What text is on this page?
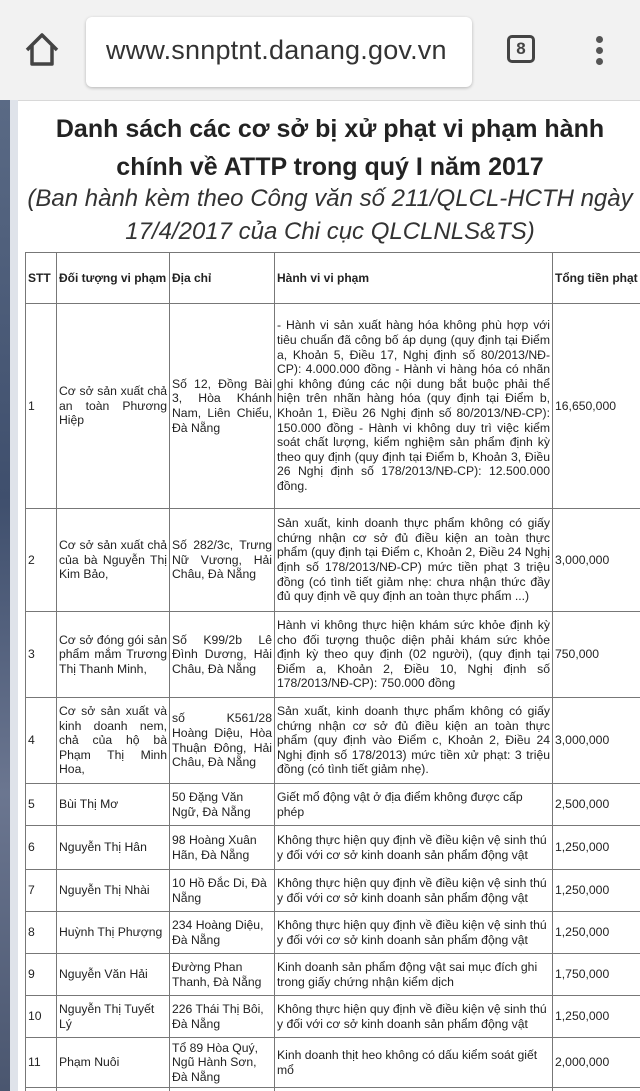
www.snnptnt.danang.gov.vn	8
Danh sách các cơ sở bị xử phạt vi phạm hành chính về ATTP trong quý I năm 2017
(Ban hành kèm theo Công văn số 211/QLCL-HCTH ngày 17/4/2017 của Chi cục QLCLNLS&TS)
STT	Đối tượng vi phạm	Địa chỉ	Hành vi vi phạm	Tổng tiền phạt
1	Cơ sở sản xuất chả an toàn Phương Hiệp	Số 12, Đồng Bài 3, Hòa Khánh Nam, Liên Chiểu, Đà Nẵng	- Hành vi sản xuất hàng hóa không phù hợp với tiêu chuẩn đã công bố áp dụng (quy định tại Điểm a, Khoản 5, Điều 17, Nghị định số 80/2013/NĐ-CP): 4.000.000 đồng - Hành vi hàng hóa có nhãn ghi không đúng các nội dung bắt buộc phải thể hiện trên nhãn hàng hóa (quy định tại Điểm b, Khoản 1, Điều 26 Nghị định số 80/2013/NĐ-CP): 150.000 đồng - Hành vi không duy trì việc kiểm soát chất lượng, kiểm nghiệm sản phẩm định kỳ theo quy định (quy định tại Điểm b, Khoản 3, Điều 26 Nghị định số 178/2013/NĐ-CP): 12.500.000 đồng.	16,650,000
2	Cơ sở sản xuất chả của bà Nguyễn Thị Kim Bảo,	Số 282/3c, Trưng Nữ Vương, Hải Châu, Đà Nẵng	Sản xuất, kinh doanh thực phẩm không có giấy chứng nhận cơ sở đủ điều kiện an toàn thực phẩm (quy định tại Điểm c, Khoản 2, Điều 24 Nghị định số 178/2013/NĐ-CP) mức tiền phạt 3 triệu đồng (có tình tiết giảm nhẹ: chưa nhận thức đầy đủ quy định về quy định an toàn thực phẩm ...)	3,000,000
3	Cơ sở đóng gói sản phẩm mắm Trương Thị Thanh Minh,	Số K99/2b Lê Đình Dương, Hải Châu, Đà Nẵng	Hành vi không thực hiện khám sức khỏe định kỳ cho đối tượng thuộc diện phải khám sức khỏe định kỳ theo quy định (02 người), (quy định tại Điểm a, Khoản 2, Điều 10, Nghị định số 178/2013/NĐ-CP): 750.000 đồng	750,000
4	Cơ sở sản xuất và kinh doanh nem, chả của hộ bà Phạm Thị Minh Hoa,	số K561/28 Hoàng Diệu, Hòa Thuận Đông, Hải Châu, Đà Nẵng	Sản xuất, kinh doanh thực phẩm không có giấy chứng nhận cơ sở đủ điều kiện an toàn thực phẩm (quy định vào Điểm c, Khoản 2, Điều 24 Nghị định số 178/2013) mức tiền xử phạt: 3 triệu đồng (có tình tiết giảm nhẹ).	3,000,000
5	Bùi Thị Mơ	50 Đặng Văn Ngữ, Đà Nẵng	Giết mổ động vật ở địa điểm không được cấp phép	2,500,000
6	Nguyễn Thị Hân	98 Hoàng Xuân Hãn, Đà Nẵng	Không thực hiện quy định về điều kiện vệ sinh thú y đối với cơ sở kinh doanh sản phẩm động vật	1,250,000
7	Nguyễn Thị Nhài	10 Hồ Đắc Di, Đà Nẵng	Không thực hiện quy định về điều kiện vệ sinh thú y đối với cơ sở kinh doanh sản phẩm động vật	1,250,000
8	Huỳnh Thị Phượng	234 Hoàng Diệu, Đà Nẵng	Không thực hiện quy định về điều kiện vệ sinh thú y đối với cơ sở kinh doanh sản phẩm động vật	1,250,000
9	Nguyễn Văn Hải	Đường Phan Thanh, Đà Nẵng	Kinh doanh sản phẩm động vật sai mục đích ghi trong giấy chứng nhận kiểm dịch	1,750,000
10	Nguyễn Thị Tuyết Lý	226 Thái Thị Bôi, Đà Nẵng	Không thực hiện quy định về điều kiện vệ sinh thú y đối với cơ sở kinh doanh sản phẩm động vật	1,250,000
11	Phạm Nuôi	Tổ 89 Hòa Quý, Ngũ Hành Sơn, Đà Nẵng	Kinh doanh thịt heo không có dấu kiểm soát giết mổ	2,000,000
